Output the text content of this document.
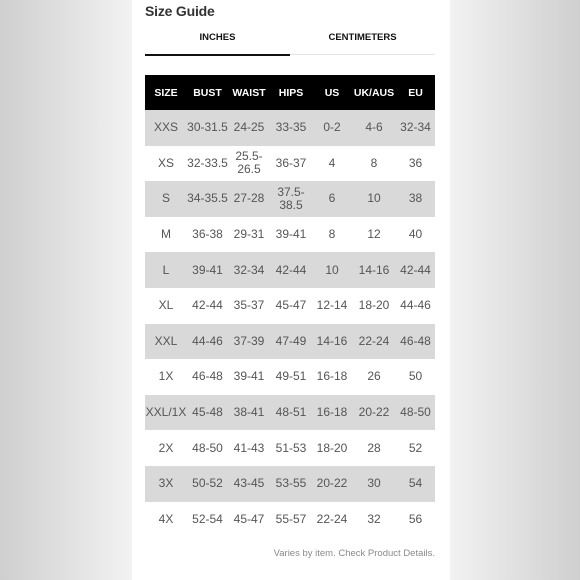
Size Guide
INCHES	CENTIMETERS
SIZE	BUST	WAIST	HIPS	US	UK/AUS	EU
XXS	30-31.5	24-25	33-35	0-2	4-6	32-34
XS	32-33.5	25.5-26.5	36-37	4	8	36
S	34-35.5	27-28	37.5-38.5	6	10	38
M	36-38	29-31	39-41	8	12	40
L	39-41	32-34	42-44	10	14-16	42-44
XL	42-44	35-37	45-47	12-14	18-20	44-46
XXL	44-46	37-39	47-49	14-16	22-24	46-48
1X	46-48	39-41	49-51	16-18	26	50
XXL/1X	45-48	38-41	48-51	16-18	20-22	48-50
2X	48-50	41-43	51-53	18-20	28	52
3X	50-52	43-45	53-55	20-22	30	54
4X	52-54	45-47	55-57	22-24	32	56
Varies by item. Check Product Details.
